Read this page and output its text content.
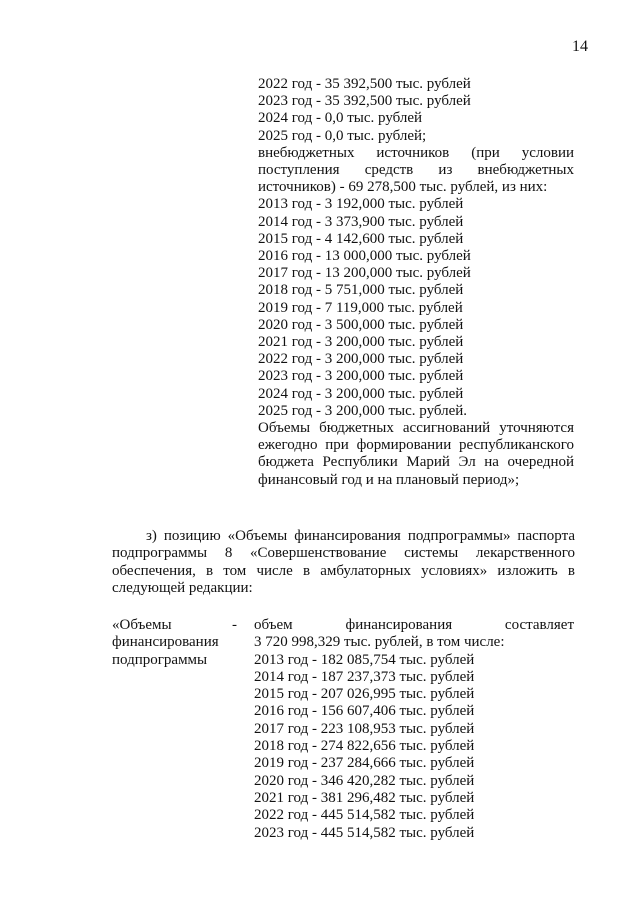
14
2022 год - 35 392,500 тыс. рублей
2023 год - 35 392,500 тыс. рублей
2024 год - 0,0 тыс. рублей
2025 год - 0,0 тыс. рублей;
внебюджетных источников (при условии
поступления средств из внебюджетных
источников) - 69 278,500 тыс. рублей, из них:
2013 год - 3 192,000 тыс. рублей
2014 год - 3 373,900 тыс. рублей
2015 год - 4 142,600 тыс. рублей
2016 год - 13 000,000 тыс. рублей
2017 год - 13 200,000 тыс. рублей
2018 год - 5 751,000 тыс. рублей
2019 год - 7 119,000 тыс. рублей
2020 год - 3 500,000 тыс. рублей
2021 год - 3 200,000 тыс. рублей
2022 год - 3 200,000 тыс. рублей
2023 год - 3 200,000 тыс. рублей
2024 год - 3 200,000 тыс. рублей
2025 год - 3 200,000 тыс. рублей.
Объемы бюджетных ассигнований уточняются ежегодно при формировании республиканского бюджета Республики Марий Эл на очередной финансовый год и на плановый период»;
з) позицию «Объемы финансирования подпрограммы» паспорта подпрограммы 8 «Совершенствование системы лекарственного обеспечения, в том числе в амбулаторных условиях» изложить в следующей редакции:
«Объемы	-
финансирования
подпрограммы
объем финансирования составляет
3 720 998,329 тыс. рублей, в том числе:
2013 год - 182 085,754 тыс. рублей
2014 год - 187 237,373 тыс. рублей
2015 год - 207 026,995 тыс. рублей
2016 год - 156 607,406 тыс. рублей
2017 год - 223 108,953 тыс. рублей
2018 год - 274 822,656 тыс. рублей
2019 год - 237 284,666 тыс. рублей
2020 год - 346 420,282 тыс. рублей
2021 год - 381 296,482 тыс. рублей
2022 год - 445 514,582 тыс. рублей
2023 год - 445 514,582 тыс. рублей
